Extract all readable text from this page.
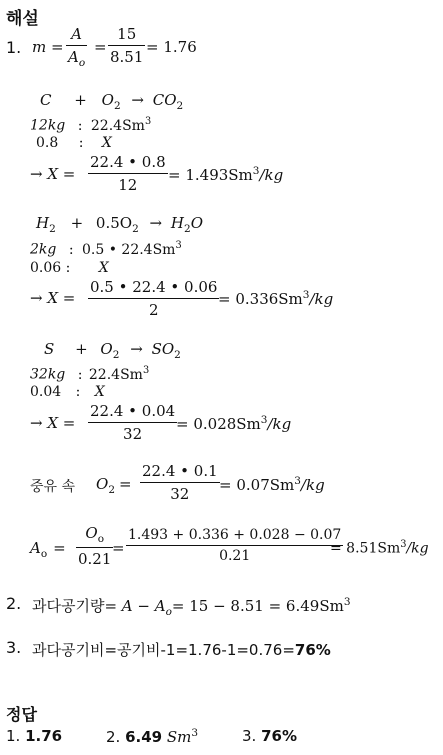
해설
1. m =
A
$A_o$
=
15
8.51
= 1.76
$C + O_2 \to CO_2$
12kg : 22.4Sm$^3$
0.8 : X
→ X =
22.4 • 0.8
12
= $1.493Sm^3/kg$
$H_2 + 0.5O_2 \to H_2O$
2kg : 0.5 • 22.4Sm$^3$
0.06 : X
→ X =
0.5 • 22.4 • 0.06
2
= $0.336Sm^3/kg$
$S + O_2 \to SO_2$
32kg : 22.4Sm$^3$
0.04 : X
→ X =
22.4 • 0.04
32
= $0.028Sm^3/kg$
중유 속 $O_2$ =
22.4 • 0.1
$32 = 0.07Sm^3/kg$
$A_o$ =
$O_o$
0.21
=
1.493 + 0.336 + 0.028 − 0.07
0.21	= $8.51Sm^3/kg$
2. 과다공기량= $A - A_o= 15 - 8.51 = 6.49Sm^3$
3. 과다공기비=공기비-1=1.76-1=0.76=76%
정답
1. 1.76	2. 6.49 Sm$^3$	3. 76%
